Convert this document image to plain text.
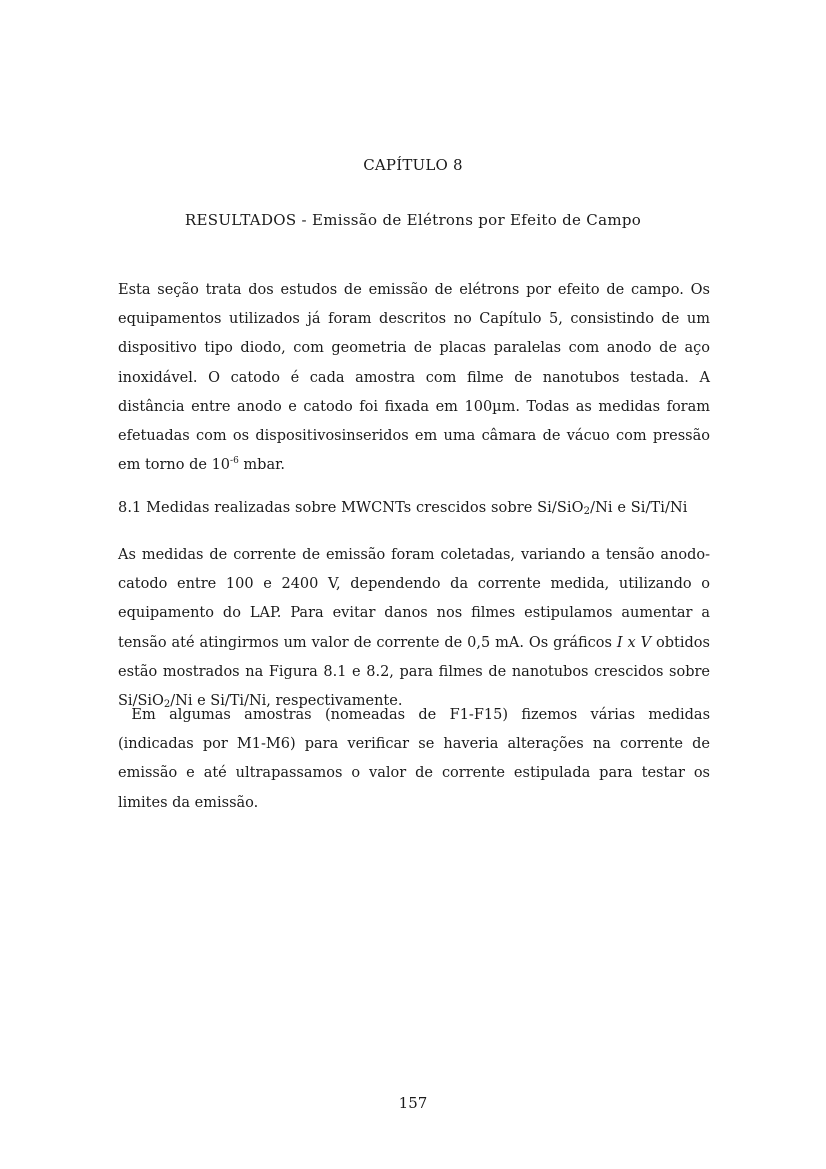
CAPÍTULO 8
RESULTADOS - Emissão de Elétrons por Efeito de Campo

Esta seção trata dos estudos de emissão de elétrons por efeito de campo. Os equipamentos utilizados já foram descritos no Capítulo 5, consistindo de um dispositivo tipo diodo, com geometria de placas paralelas com anodo de aço inoxidável. O catodo é cada amostra com filme de nanotubos testada. A distância entre anodo e catodo foi fixada em 100µm. Todas as medidas foram efetuadas com os dispositivosinseridos em uma câmara de vácuo com pressão em torno de $10^{-6}$ mbar.

8.1 Medidas realizadas sobre MWCNTs crescidos sobre Si/SiO$_2$/Ni e Si/Ti/Ni

As medidas de corrente de emissão foram coletadas, variando a tensão anodo-catodo entre 100 e 2400 V, dependendo da corrente medida, utilizando o equipamento do LAP. Para evitar danos nos filmes estipulamos aumentar a tensão até atingirmos um valor de corrente de 0,5 mA. Os gráficos I x V obtidos estão mostrados na Figura 8.1 e 8.2, para filmes de nanotubos crescidos sobre Si/SiO$_2$/Ni e Si/Ti/Ni, respectivamente.

Em algumas amostras (nomeadas de F1-F15) fizemos várias medidas (indicadas por M1-M6) para verificar se haveria alterações na corrente de emissão e até ultrapassamos o valor de corrente estipulada para testar os limites da emissão.

157
